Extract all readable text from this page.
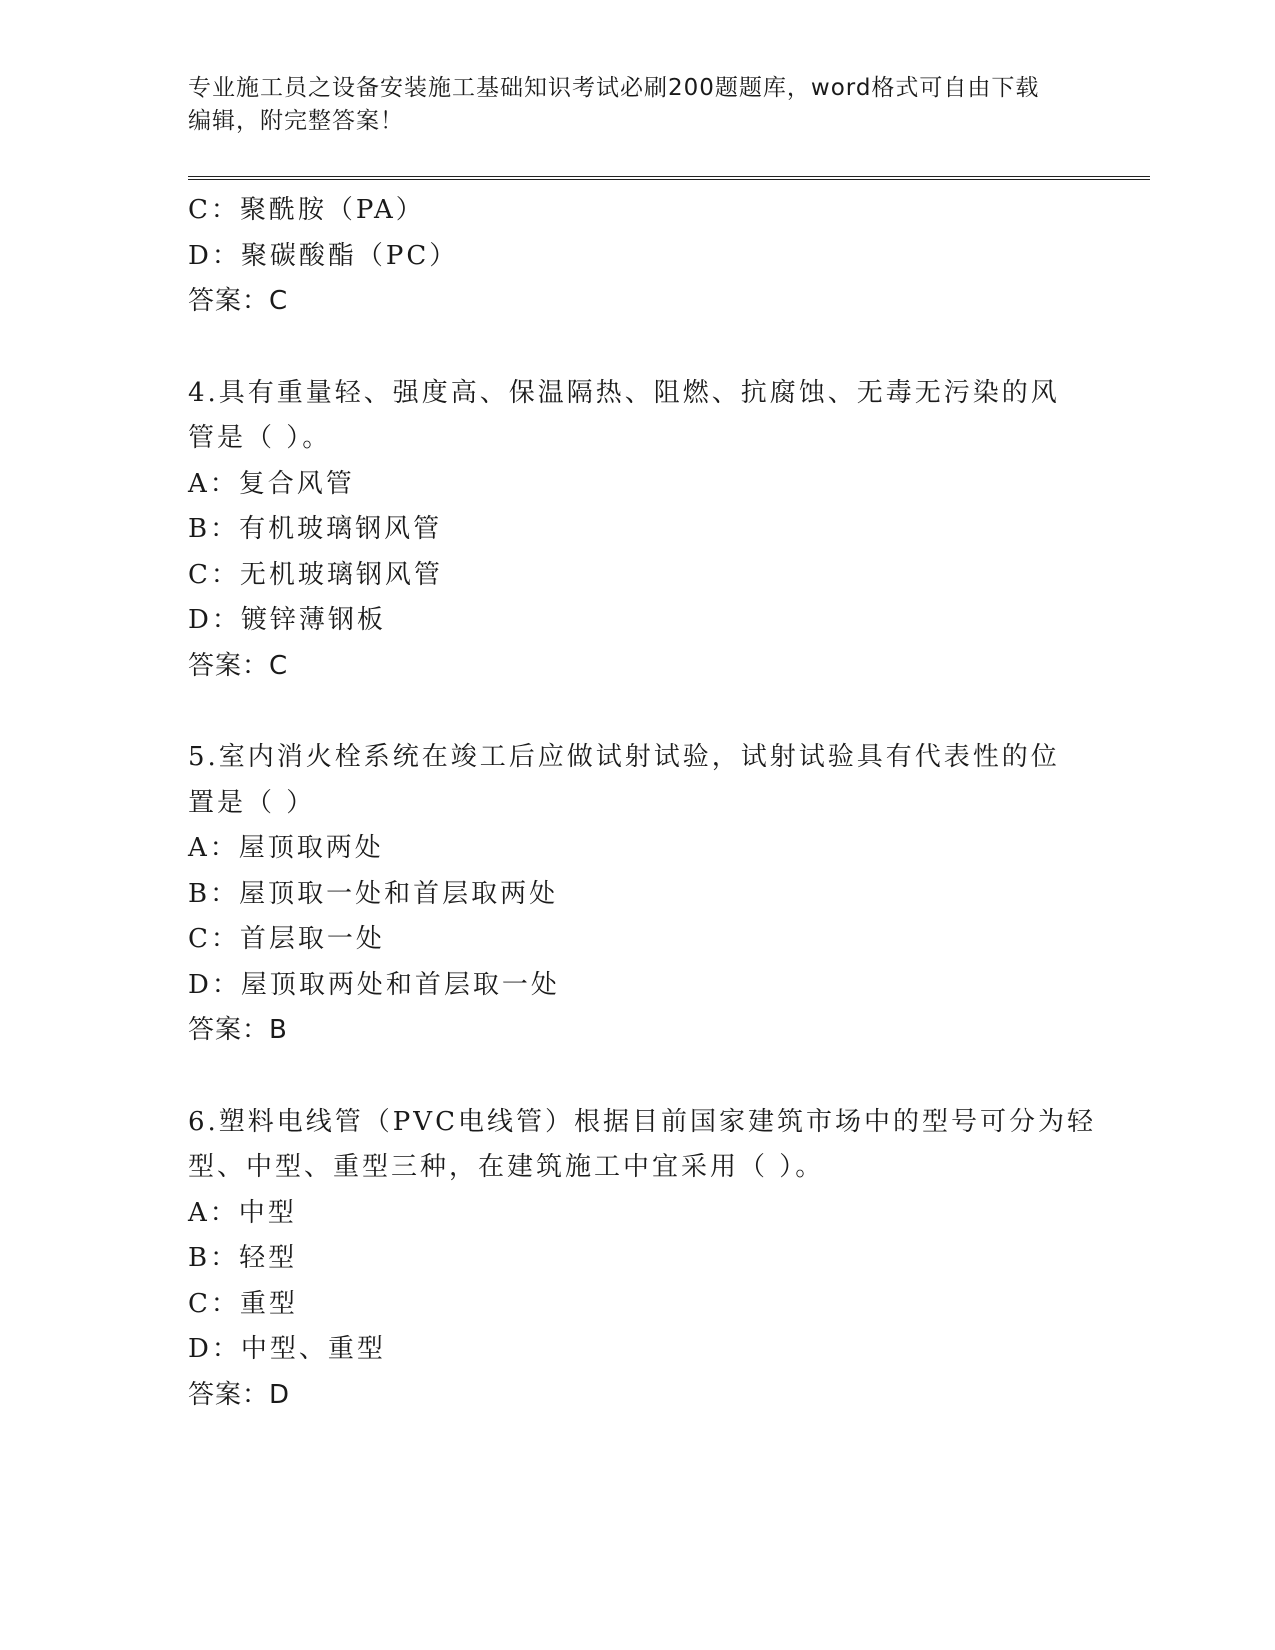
专业施工员之设备安装施工基础知识考试必刷200题题库，word格式可自由下载
编辑，附完整答案！
C：聚酰胺（PA）
D：聚碳酸酯（PC）
答案：C
4.具有重量轻、强度高、保温隔热、阻燃、抗腐蚀、无毒无污染的风
管是（ ）。
A：复合风管
B：有机玻璃钢风管
C：无机玻璃钢风管
D：镀锌薄钢板
答案：C
5.室内消火栓系统在竣工后应做试射试验，试射试验具有代表性的位
置是（ ）
A：屋顶取两处
B：屋顶取一处和首层取两处
C：首层取一处
D：屋顶取两处和首层取一处
答案：B
6.塑料电线管（PVC电线管）根据目前国家建筑市场中的型号可分为轻
型、中型、重型三种，在建筑施工中宜采用（ ）。
A：中型
B：轻型
C：重型
D：中型、重型
答案：D
